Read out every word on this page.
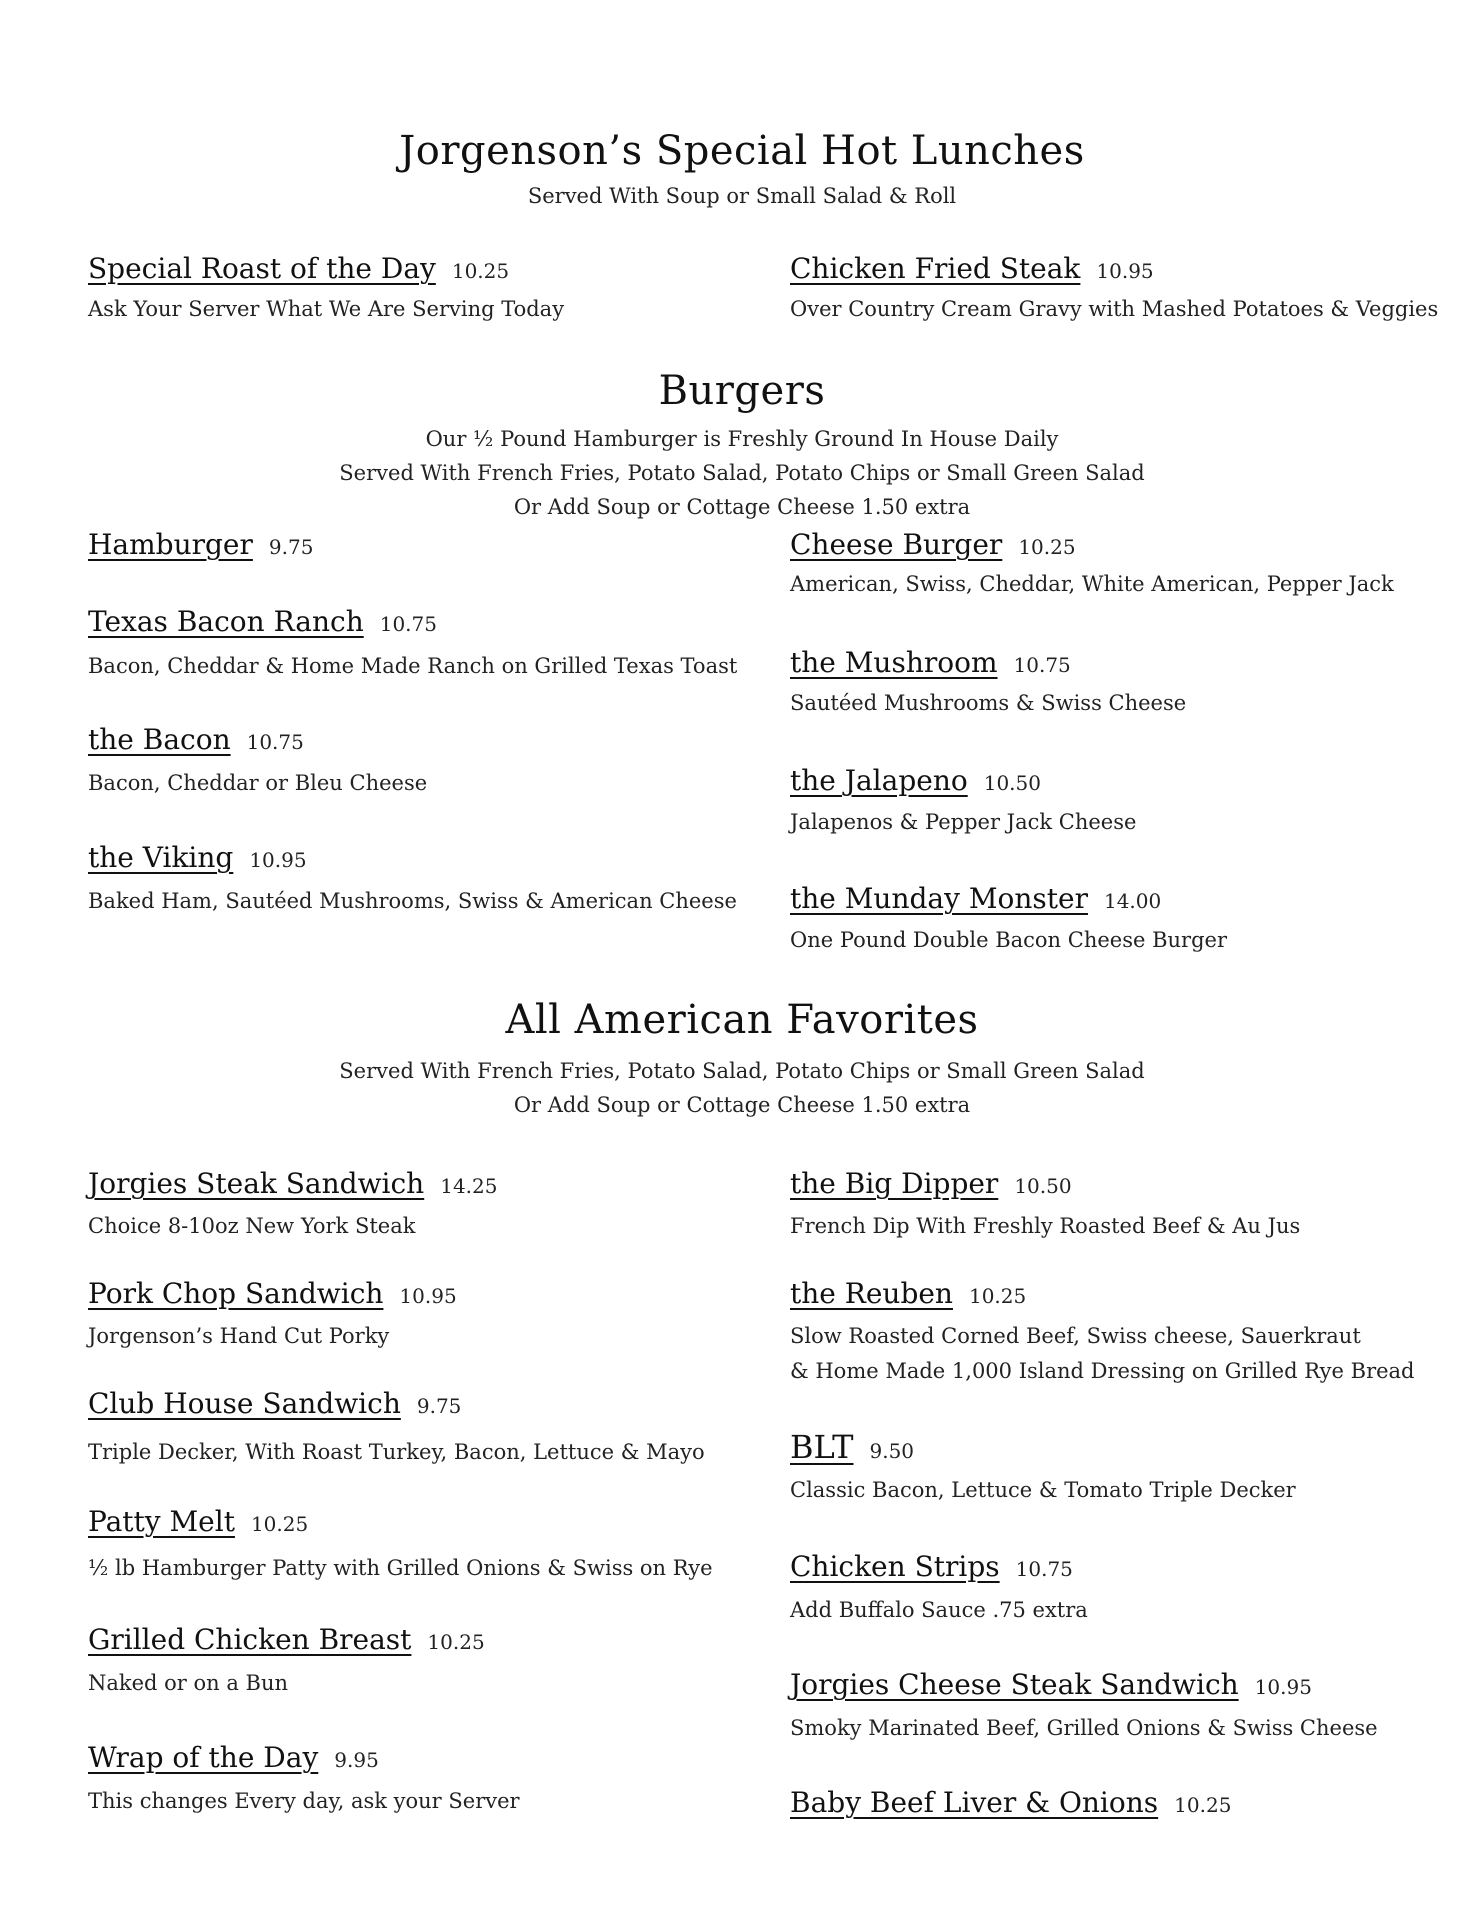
Jorgenson’s Special Hot Lunches
Served With Soup or Small Salad & Roll
Special Roast of the Day 10.25
Ask Your Server What We Are Serving Today
Chicken Fried Steak 10.95
Over Country Cream Gravy with Mashed Potatoes & Veggies
Burgers
Our ½ Pound Hamburger is Freshly Ground In House Daily
Served With French Fries, Potato Salad, Potato Chips or Small Green Salad
Or Add Soup or Cottage Cheese 1.50 extra
Hamburger 9.75
Texas Bacon Ranch 10.75
Bacon, Cheddar & Home Made Ranch on Grilled Texas Toast
the Bacon 10.75
Bacon, Cheddar or Bleu Cheese
the Viking 10.95
Baked Ham, Sautéed Mushrooms, Swiss & American Cheese
Cheese Burger 10.25
American, Swiss, Cheddar, White American, Pepper Jack
the Mushroom 10.75
Sautéed Mushrooms & Swiss Cheese
the Jalapeno 10.50
Jalapenos & Pepper Jack Cheese
the Munday Monster 14.00
One Pound Double Bacon Cheese Burger
All American Favorites
Served With French Fries, Potato Salad, Potato Chips or Small Green Salad
Or Add Soup or Cottage Cheese 1.50 extra
Jorgies Steak Sandwich 14.25
Choice 8-10oz New York Steak
Pork Chop Sandwich 10.95
Jorgenson’s Hand Cut Porky
Club House Sandwich 9.75
Triple Decker, With Roast Turkey, Bacon, Lettuce & Mayo
Patty Melt 10.25
½ lb Hamburger Patty with Grilled Onions & Swiss on Rye
Grilled Chicken Breast 10.25
Naked or on a Bun
Wrap of the Day 9.95
This changes Every day, ask your Server
the Big Dipper 10.50
French Dip With Freshly Roasted Beef & Au Jus
the Reuben 10.25
Slow Roasted Corned Beef, Swiss cheese, Sauerkraut
& Home Made 1,000 Island Dressing on Grilled Rye Bread
BLT 9.50
Classic Bacon, Lettuce & Tomato Triple Decker
Chicken Strips 10.75
Add Buffalo Sauce .75 extra
Jorgies Cheese Steak Sandwich 10.95
Smoky Marinated Beef, Grilled Onions & Swiss Cheese
Baby Beef Liver & Onions 10.25
